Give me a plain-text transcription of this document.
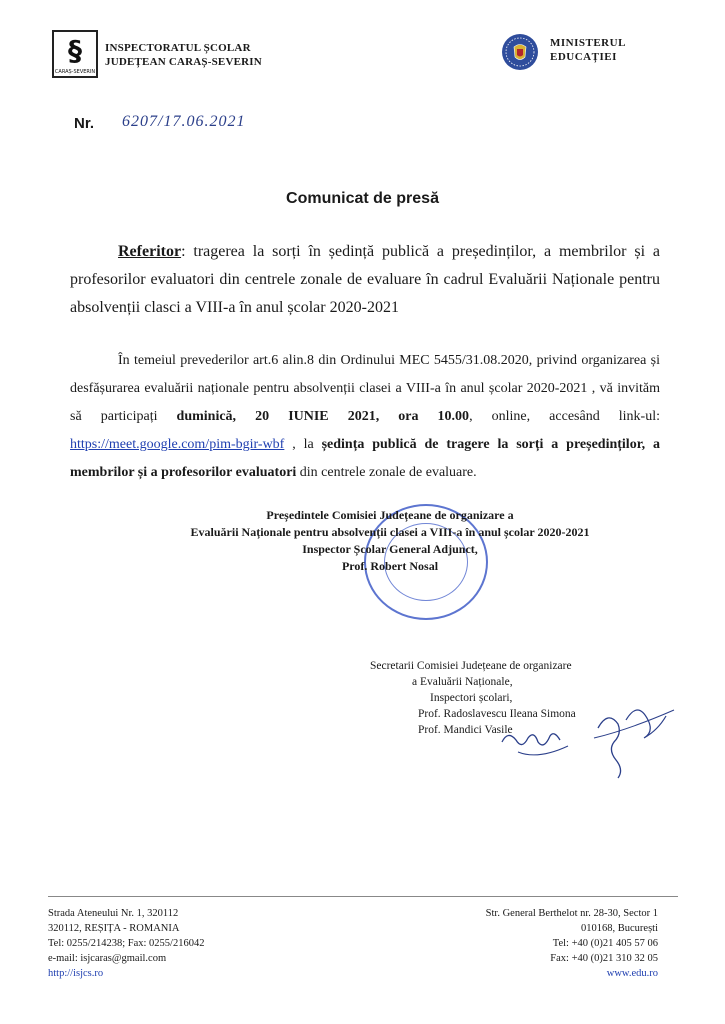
§
CARAȘ-SEVERIN
INSPECTORATUL ȘCOLAR
JUDEȚEAN CARAȘ-SEVERIN
MINISTERUL
EDUCAȚIEI
Nr. 6207/17.06.2021
Comunicat de presă
Referitor: tragerea la sorți în ședință publică a președinților, a membrilor și a profesorilor evaluatori din centrele zonale de evaluare în cadrul Evaluării Naționale pentru absolvenții clasci a VIII-a în anul școlar 2020-2021
În temeiul prevederilor art.6 alin.8 din Ordinului MEC 5455/31.08.2020, privind organizarea și desfășurarea evaluării naționale pentru absolvenții clasei a VIII-a în anul școlar 2020-2021 , vă invităm să participați duminică, 20 IUNIE 2021, ora 10.00, online, accesând link-ul: https://meet.google.com/pim-bgir-wbf , la ședința publică de tragere la sorți a președinților, a membrilor și a profesorilor evaluatori din centrele zonale de evaluare.
Președintele Comisiei Județeane de organizare a
Evaluării Naționale pentru absolvenții clasei a VIII-a în anul școlar 2020-2021
Inspector Școlar General Adjunct,
Prof. Robert Nosal
Secretarii Comisiei Județeane de organizare
a Evaluării Naționale,
Inspectori școlari,
Prof. Radoslavescu Ileana Simona
Prof. Mandici Vasile
Strada Ateneului Nr. 1, 320112
320112, REȘIȚA - ROMANIA
Tel: 0255/214238; Fax: 0255/216042
e-mail: isjcaras@gmail.com
http://isjcs.ro
Str. General Berthelot nr. 28-30, Sector 1
010168, București
Tel: +40 (0)21 405 57 06
Fax: +40 (0)21 310 32 05
www.edu.ro
